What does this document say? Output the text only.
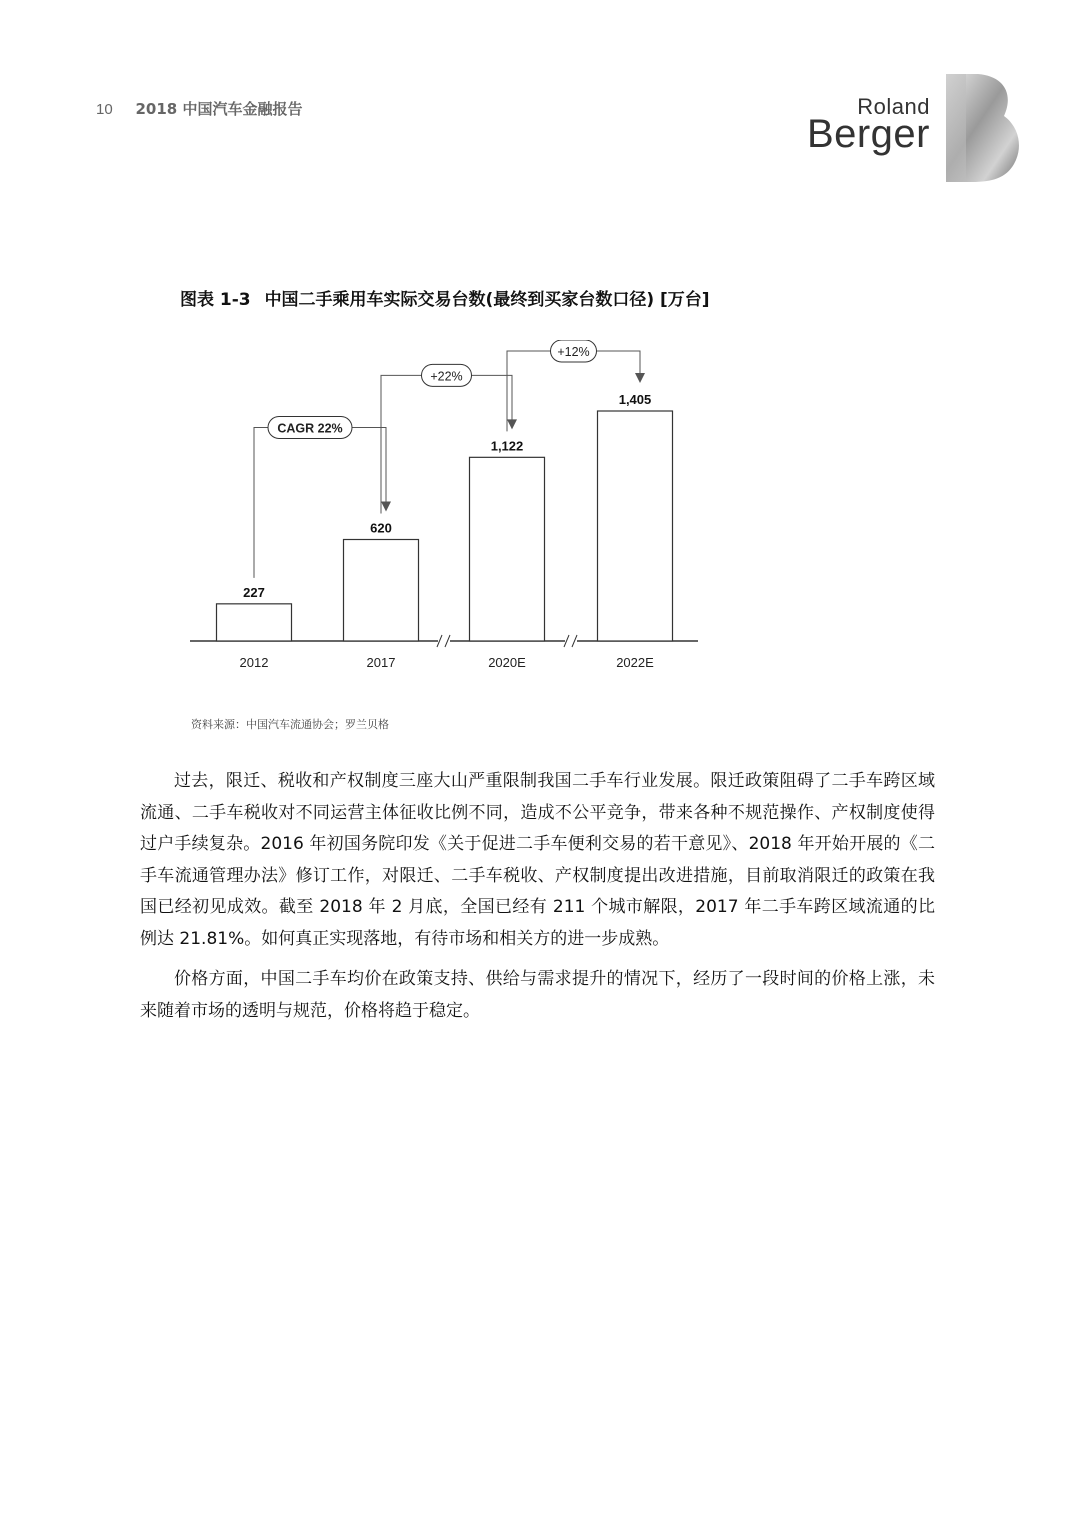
10 2018 中国汽车金融报告	Roland
Berger
图表 1-3 中国二手乘用车实际交易台数(最终到买家台数口径) [万台]
227
2012
620
2017
1,122
2020E
1,405
2022E
CAGR 22%
+22%
+12%
资料来源：中国汽车流通协会；罗兰贝格

过去，限迁、税收和产权制度三座大山严重限制我国二手车行业发展。限迁政策阻碍了二手车跨区域流通、二手车税收对不同运营主体征收比例不同，造成不公平竞争，带来各种不规范操作、产权制度使得过户手续复杂。2016 年初国务院印发《关于促进二手车便利交易的若干意见》、2018 年开始开展的《二手车流通管理办法》修订工作，对限迁、二手车税收、产权制度提出改进措施，目前取消限迁的政策在我国已经初见成效。截至 2018 年 2 月底，全国已经有 211 个城市解限，2017 年二手车跨区域流通的比例达 21.81%。如何真正实现落地，有待市场和相关方的进一步成熟。

价格方面，中国二手车均价在政策支持、供给与需求提升的情况下，经历了一段时间的价格上涨，未来随着市场的透明与规范，价格将趋于稳定。
